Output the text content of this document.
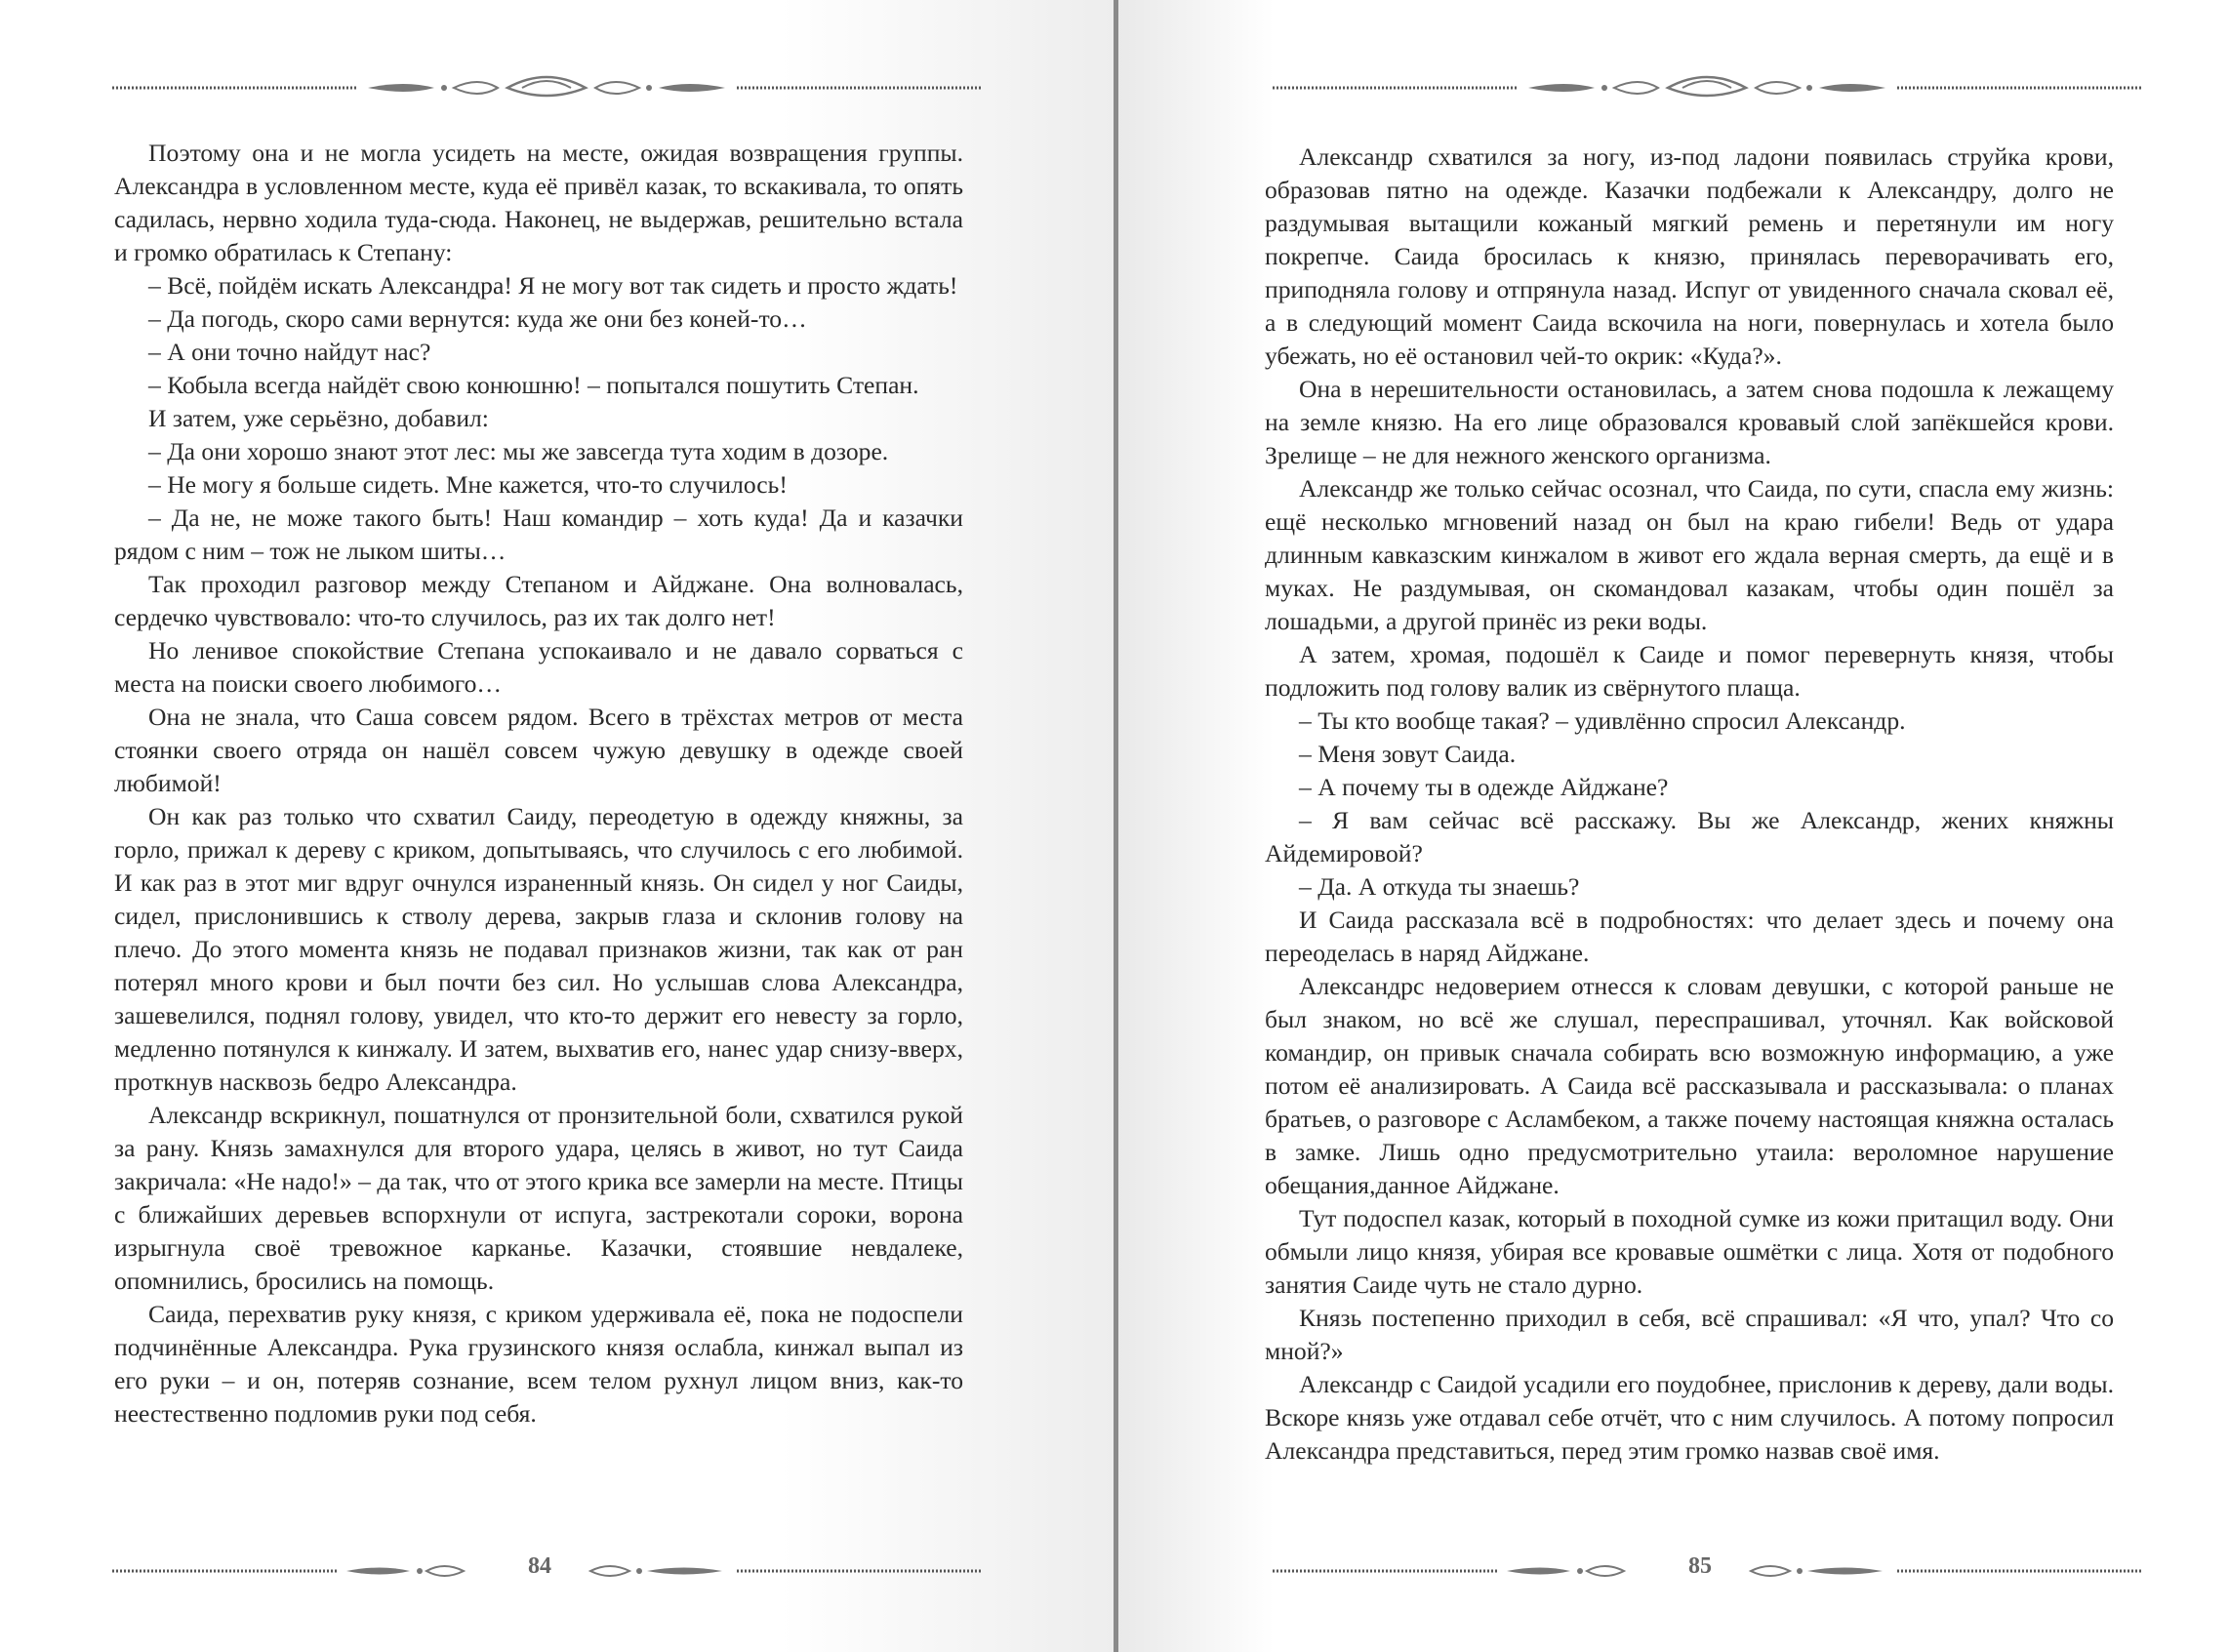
Поэтому она и не могла усидеть на месте, ожидая возвращения группы. Александра в условленном месте, куда её привёл казак, то вскакивала, то опять садилась, нервно ходила туда-сюда. Наконец, не выдержав, решительно встала и громко обратилась к Степану:

– Всё, пойдём искать Александра! Я не могу вот так сидеть и просто ждать!

– Да погодь, скоро сами вернутся: куда же они без коней-то…

– А они точно найдут нас?

– Кобыла всегда найдёт свою конюшню! – попытался пошутить Степан.

И затем, уже серьёзно, добавил:

– Да они хорошо знают этот лес: мы же завсегда тута ходим в дозоре.

– Не могу я больше сидеть. Мне кажется, что-то случилось!

– Да не, не може такого быть! Наш командир – хоть куда! Да и казачки рядом с ним – тож не лыком шиты…

Так проходил разговор между Степаном и Айджане. Она волновалась, сердечко чувствовало: что-то случилось, раз их так долго нет!

Но ленивое спокойствие Степана успокаивало и не давало сорваться с места на поиски своего любимого…

Она не знала, что Саша совсем рядом. Всего в трёхстах метров от места стоянки своего отряда он нашёл совсем чужую девушку в одежде своей любимой!

Он как раз только что схватил Саиду, переодетую в одежду княжны, за горло, прижал к дереву с криком, допытываясь, что случилось с его любимой. И как раз в этот миг вдруг очнулся израненный князь. Он сидел у ног Саиды, сидел, прислонившись к стволу дерева, закрыв глаза и склонив голову на плечо. До этого момента князь не подавал признаков жизни, так как от ран потерял много крови и был почти без сил. Но услышав слова Александра, зашевелился, поднял голову, увидел, что кто-то держит его невесту за горло, медленно потянулся к кинжалу. И затем, выхватив его, нанес удар снизу-вверх, проткнув насквозь бедро Александра.

Александр вскрикнул, пошатнулся от пронзительной боли, схватился рукой за рану. Князь замахнулся для второго удара, целясь в живот, но тут Саида закричала: «Не надо!» – да так, что от этого крика все замерли на месте. Птицы с ближайших деревьев вспорхнули от испуга, застрекотали сороки, ворона изрыгнула своё тревожное карканье. Казачки, стоявшие невдалеке, опомнились, бросились на помощь.

Саида, перехватив руку князя, с криком удерживала её, пока не подоспели подчинённые Александра. Рука грузинского князя ослабла, кинжал выпал из его руки – и он, потеряв сознание, всем телом рухнул лицом вниз, как-то неестественно подломив руки под себя.

84

Александр схватился за ногу, из-под ладони появилась струйка крови, образовав пятно на одежде. Казачки подбежали к Александру, долго не раздумывая вытащили кожаный мягкий ремень и перетянули им ногу покрепче. Саида бросилась к князю, принялась переворачивать его, приподняла голову и отпрянула назад. Испуг от увиденного сначала сковал её, а в следующий момент Саида вскочила на ноги, повернулась и хотела было убежать, но её остановил чей-то окрик: «Куда?».

Она в нерешительности остановилась, а затем снова подошла к лежащему на земле князю. На его лице образовался кровавый слой запёкшейся крови. Зрелище – не для нежного женского организма.

Александр же только сейчас осознал, что Саида, по сути, спасла ему жизнь: ещё несколько мгновений назад он был на краю гибели! Ведь от удара длинным кавказским кинжалом в живот его ждала верная смерть, да ещё и в муках. Не раздумывая, он скомандовал казакам, чтобы один пошёл за лошадьми, а другой принёс из реки воды.

А затем, хромая, подошёл к Саиде и помог перевернуть князя, чтобы подложить под голову валик из свёрнутого плаща.

– Ты кто вообще такая? – удивлённо спросил Александр.

– Меня зовут Саида.

– А почему ты в одежде Айджане?

– Я вам сейчас всё расскажу. Вы же Александр, жених княжны Айдемировой?

– Да. А откуда ты знаешь?

И Саида рассказала всё в подробностях: что делает здесь и почему она переоделась в наряд Айджане.

Александрс недоверием отнесся к словам девушки, с которой раньше не был знаком, но всё же слушал, переспрашивал, уточнял. Как войсковой командир, он привык сначала собирать всю возможную информацию, а уже потом её анализировать. А Саида всё рассказывала и рассказывала: о планах братьев, о разговоре с Асламбеком, а также почему настоящая княжна осталась в замке. Лишь одно предусмотрительно утаила: вероломное нарушение обещания,данное Айджане.

Тут подоспел казак, который в походной сумке из кожи притащил воду. Они обмыли лицо князя, убирая все кровавые ошмётки с лица. Хотя от подобного занятия Саиде чуть не стало дурно.

Князь постепенно приходил в себя, всё спрашивал: «Я что, упал? Что со мной?»

Александр с Саидой усадили его поудобнее, прислонив к дереву, дали воды. Вскоре князь уже отдавал себе отчёт, что с ним случилось. А потому попросил Александра представиться, перед этим громко назвав своё имя.

85
